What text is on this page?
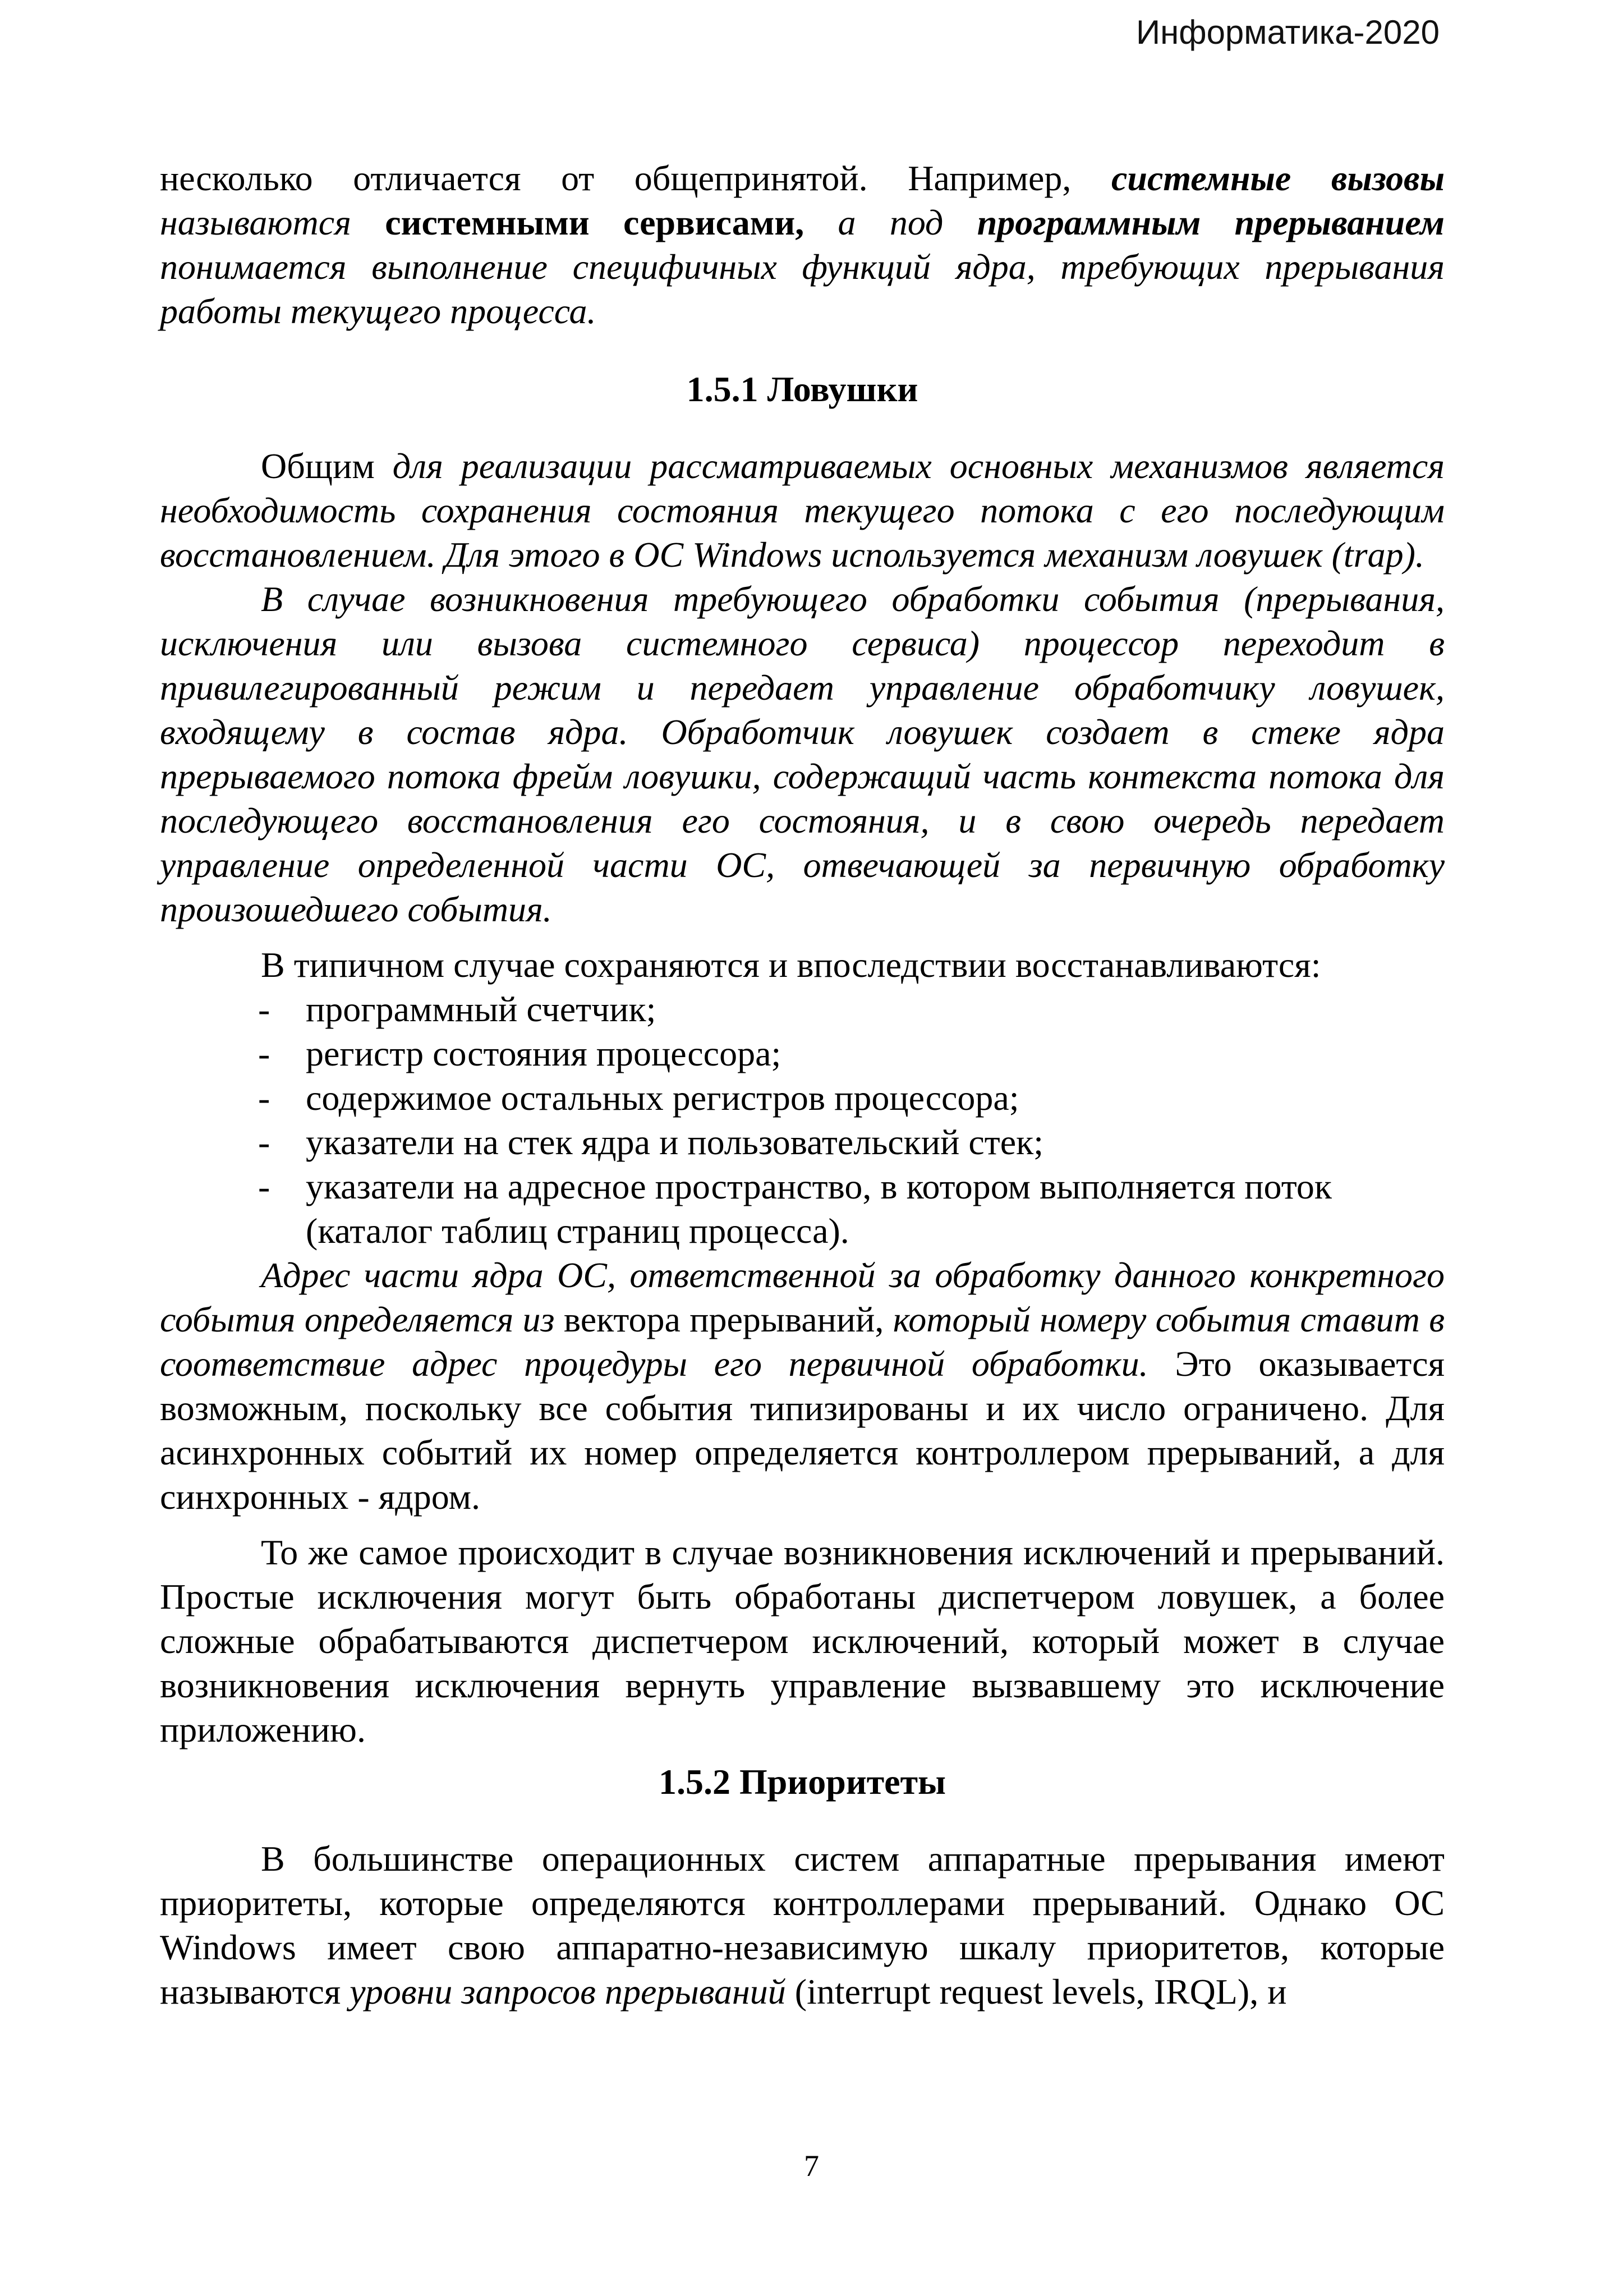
Информатика-2020

несколько отличается от общепринятой. Например, системные вызовы называются системными сервисами, а под программным прерыванием понимается выполнение специфичных функций ядра, требующих прерывания работы текущего процесса.

1.5.1 Ловушки

Общим для реализации рассматриваемых основных механизмов является необходимость сохранения состояния текущего потока с его последующим восстановлением. Для этого в ОС Windows используется механизм ловушек (trap).

В случае возникновения требующего обработки события (прерывания, исключения или вызова системного сервиса) процессор переходит в привилегированный режим и передает управление обработчику ловушек, входящему в состав ядра. Обработчик ловушек создает в стеке ядра прерываемого потока фрейм ловушки, содержащий часть контекста потока для последующего восстановления его состояния, и в свою очередь передает управление определенной части ОС, отвечающей за первичную обработку произошедшего события.

В типичном случае сохраняются и впоследствии восстанавливаются:

- программный счетчик;
- регистр состояния процессора;
- содержимое остальных регистров процессора;
- указатели на стек ядра и пользовательский стек;
- указатели на адресное пространство, в котором выполняется поток (каталог таблиц страниц процесса).

Адрес части ядра ОС, ответственной за обработку данного конкретного события определяется из вектора прерываний, который номеру события ставит в соответствие адрес процедуры его первичной обработки. Это оказывается возможным, поскольку все события типизированы и их число ограничено. Для асинхронных событий их номер определяется контроллером прерываний, а для синхронных - ядром.

То же самое происходит в случае возникновения исключений и прерываний. Простые исключения могут быть обработаны диспетчером ловушек, а более сложные обрабатываются диспетчером исключений, который может в случае возникновения исключения вернуть управление вызвавшему это исключение приложению.

1.5.2 Приоритеты

В большинстве операционных систем аппаратные прерывания имеют приоритеты, которые определяются контроллерами прерываний. Однако ОС Windows имеет свою аппаратно-независимую шкалу приоритетов, которые называются уровни запросов прерываний (interrupt request levels, IRQL), и

7
